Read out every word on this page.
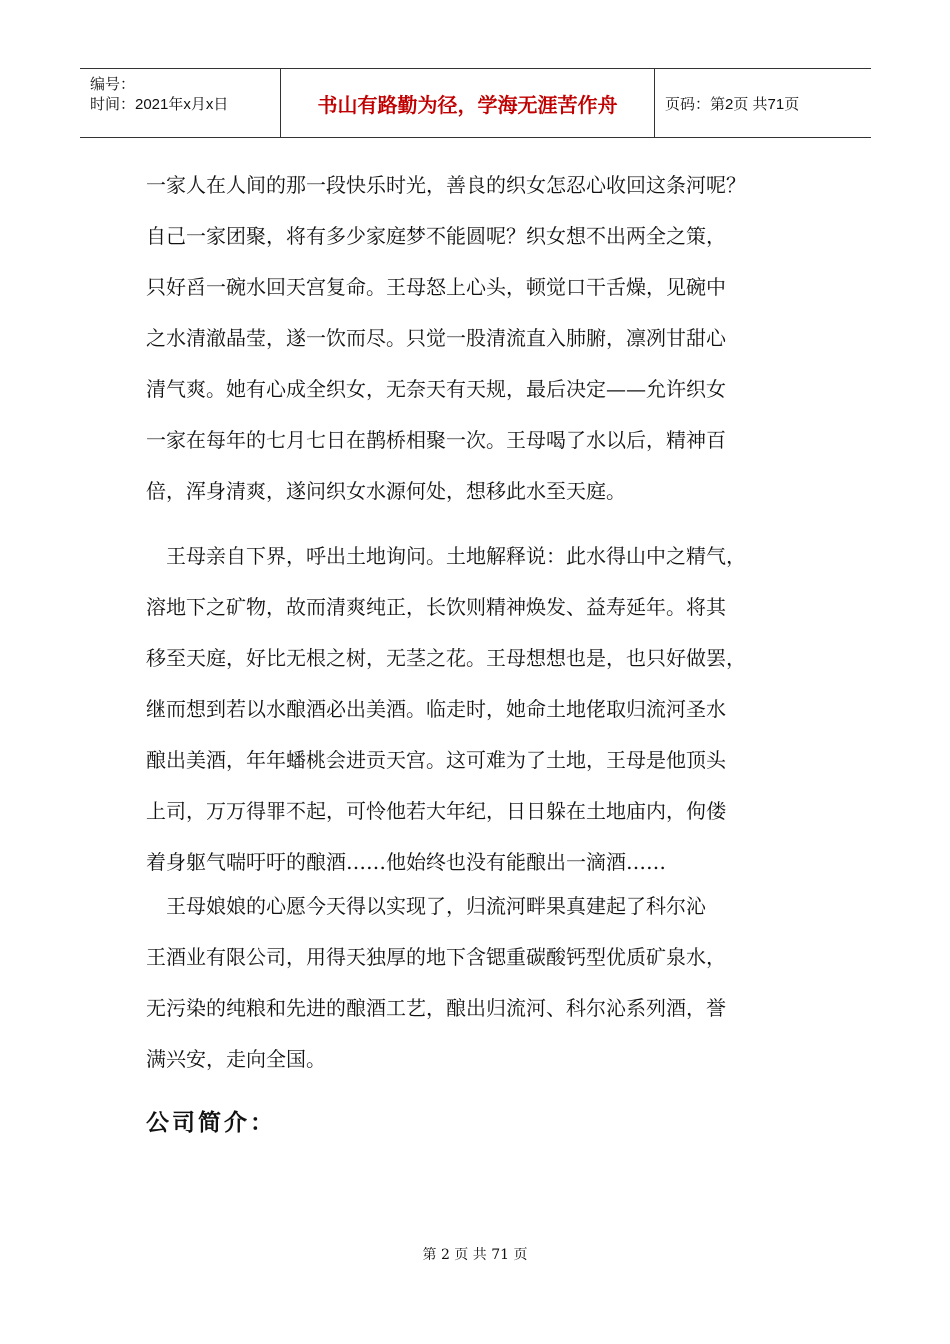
编号：
时间：2021年x月x日	书山有路勤为径，学海无涯苦作舟	页码：第2页 共71页

一家人在人间的那一段快乐时光，善良的织女怎忍心收回这条河呢？

自己一家团聚，将有多少家庭梦不能圆呢？织女想不出两全之策，

只好舀一碗水回天宫复命。王母怒上心头，顿觉口干舌燥，见碗中

之水清澈晶莹，遂一饮而尽。只觉一股清流直入肺腑，凛冽甘甜心

清气爽。她有心成全织女，无奈天有天规，最后决定——允许织女

一家在每年的七月七日在鹊桥相聚一次。王母喝了水以后，精神百

倍，浑身清爽，遂问织女水源何处，想移此水至天庭。

　王母亲自下界，呼出土地询问。土地解释说：此水得山中之精气，

溶地下之矿物，故而清爽纯正，长饮则精神焕发、益寿延年。将其

移至天庭，好比无根之树，无茎之花。王母想想也是，也只好做罢，

继而想到若以水酿酒必出美酒。临走时，她命土地佬取归流河圣水

酿出美酒，年年蟠桃会进贡天宫。这可难为了土地，王母是他顶头

上司，万万得罪不起，可怜他若大年纪，日日躲在土地庙内，佝偻

着身躯气喘吁吁的酿酒……他始终也没有能酿出一滴酒……

　王母娘娘的心愿今天得以实现了，归流河畔果真建起了科尔沁

王酒业有限公司，用得天独厚的地下含锶重碳酸钙型优质矿泉水，

无污染的纯粮和先进的酿酒工艺，酿出归流河、科尔沁系列酒，誉

满兴安，走向全国。

公司简介：
第 2 页 共 71 页
